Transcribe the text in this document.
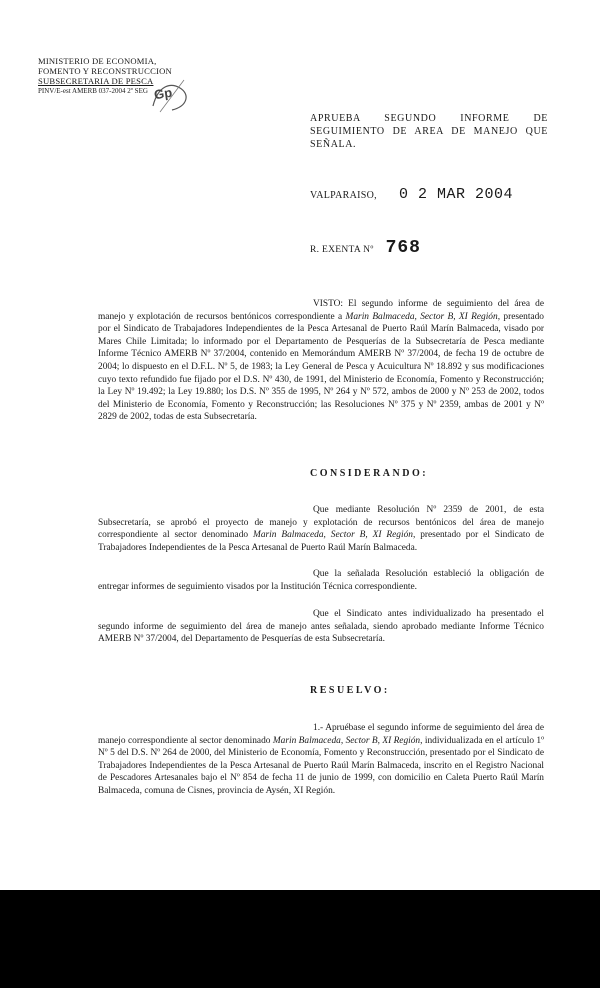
MINISTERIO DE ECONOMIA,
FOMENTO Y RECONSTRUCCION
SUBSECRETARIA DE PESCA
PINV/E-est AMERB 037-2004 2º SEG Gp
APRUEBA SEGUNDO INFORME DE SEGUIMIENTO DE AREA DE MANEJO QUE SEÑALA.
VALPARAISO, 0 2 MAR 2004
R. EXENTA Nº 768

VISTO: El segundo informe de seguimiento del área de manejo y explotación de recursos bentónicos correspondiente a Marin Balmaceda, Sector B, XI Región, presentado por el Sindicato de Trabajadores Independientes de la Pesca Artesanal de Puerto Raúl Marín Balmaceda, visado por Mares Chile Limitada; lo informado por el Departamento de Pesquerías de la Subsecretaría de Pesca mediante Informe Técnico AMERB Nº 37/2004, contenido en Memorándum AMERB Nº 37/2004, de fecha 19 de octubre de 2004; lo dispuesto en el D.F.L. Nº 5, de 1983; la Ley General de Pesca y Acuicultura Nº 18.892 y sus modificaciones cuyo texto refundido fue fijado por el D.S. Nº 430, de 1991, del Ministerio de Economía, Fomento y Reconstrucción; la Ley Nº 19.492; la Ley 19.880; los D.S. Nº 355 de 1995, Nº 264 y Nº 572, ambos de 2000 y Nº 253 de 2002, todos del Ministerio de Economía, Fomento y Reconstrucción; las Resoluciones Nº 375 y Nº 2359, ambas de 2001 y Nº 2829 de 2002, todas de esta Subsecretaría.

CONSIDERANDO:

Que mediante Resolución Nº 2359 de 2001, de esta Subsecretaría, se aprobó el proyecto de manejo y explotación de recursos bentónicos del área de manejo correspondiente al sector denominado Marin Balmaceda, Sector B, XI Región, presentado por el Sindicato de Trabajadores Independientes de la Pesca Artesanal de Puerto Raúl Marín Balmaceda.

Que la señalada Resolución estableció la obligación de entregar informes de seguimiento visados por la Institución Técnica correspondiente.

Que el Sindicato antes individualizado ha presentado el segundo informe de seguimiento del área de manejo antes señalada, siendo aprobado mediante Informe Técnico AMERB Nº 37/2004, del Departamento de Pesquerías de esta Subsecretaría.

RESUELVO:

1.- Apruébase el segundo informe de seguimiento del área de manejo correspondiente al sector denominado Marin Balmaceda, Sector B, XI Región, individualizada en el artículo 1º Nº 5 del D.S. Nº 264 de 2000, del Ministerio de Economía, Fomento y Reconstrucción, presentado por el Sindicato de Trabajadores Independientes de la Pesca Artesanal de Puerto Raúl Marín Balmaceda, inscrito en el Registro Nacional de Pescadores Artesanales bajo el Nº 854 de fecha 11 de junio de 1999, con domicilio en Caleta Puerto Raúl Marín Balmaceda, comuna de Cisnes, provincia de Aysén, XI Región.
